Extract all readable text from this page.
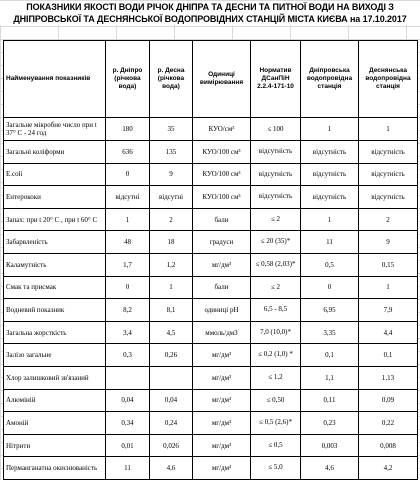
ПОКАЗНИКИ ЯКОСТІ ВОДИ РІЧОК ДНІПРА ТА ДЕСНИ ТА ПИТНОЇ ВОДИ НА ВИХОДІ З
ДНІПРОВСЬКОЇ ТА ДЕСНЯНСЬКОЇ ВОДОПРОВІДНИХ СТАНЦІЙ МІСТА КИЄВА на 17.10.2017
Найменування показників	р. Дніпро (річкова вода)	р. Десна (річкова вода)	Одиниці вимірювання	Норматив ДСанПіН 2.2.4-171-10	Дніпровська водопровідна станція	Деснянська водопровідна станція
Загальне мікробне число при t 37° С - 24 год	180	35	КУО/см³	≤ 100	1	1
Загальні коліформи	636	135	КУО/100 см³	відсутність	відсутність	відсутність
E.coli	0	9	КУО/100 см³	відсутність	відсутність	відсутність
Ентерококи	відсутні	відсутні	КУО/100 см³	відсутність	відсутність	відсутність
Запах: при t 20° С , при t 60° С	1	2	бали	≤ 2	1	2
Забарвленість	48	18	градуси	≤ 20 (35)*	11	9
Каламутність	1,7	1,2	мг/дм³	≤ 0,58 (2,03)*	0,5	0,15
Смак та присмак	0	1	бали	≤ 2	0	1
Водневий показник	8,2	8,1	одиниці рН	6,5 - 8,5	6,95	7,9
Загальна жорсткість	3,4	4,5	ммоль/дм3	7,0 (10,0)*	3,35	4,4
Залізо загальне	0,3	0,26	мг/дм³	≤ 0,2 (1,0) *	0,1	0,1
Хлор залишковий зв'язаний			мг/дм³	≤ 1,2	1,1	1,13
Алюміній	0,04	0,04	мг/дм³	≤ 0,50	0,11	0,09
Амоній	0,34	0,24	мг/дм³	≤ 0,5 (2,6)*	0,23	0,22
Нітрити	0,01	0,026	мг/дм³	≤ 0,5	0,003	0,008
Перманганатна окиснюваність	11	4,6	мг/дм³	≤ 5,0	4,6	4,2
